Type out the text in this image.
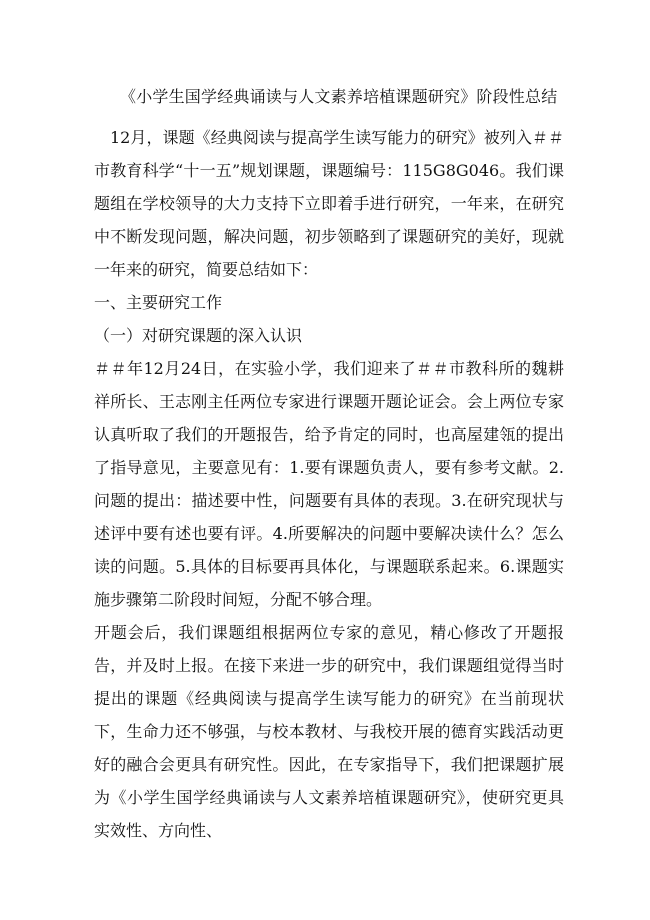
《小学生国学经典诵读与人文素养培植课题研究》阶段性总结

12月，课题《经典阅读与提高学生读写能力的研究》被列入＃＃市教育科学“十一五”规划课题，课题编号：115G8G046。我们课题组在学校领导的大力支持下立即着手进行研究，一年来，在研究中不断发现问题，解决问题，初步领略到了课题研究的美好，现就一年来的研究，简要总结如下：

一、主要研究工作

（一）对研究课题的深入认识

＃＃年12月24日，在实验小学，我们迎来了＃＃市教科所的魏耕祥所长、王志刚主任两位专家进行课题开题论证会。会上两位专家认真听取了我们的开题报告，给予肯定的同时，也高屋建瓴的提出了指导意见，主要意见有：1.要有课题负责人，要有参考文献。2.问题的提出：描述要中性，问题要有具体的表现。3.在研究现状与述评中要有述也要有评。4.所要解决的问题中要解决读什么？怎么读的问题。5.具体的目标要再具体化，与课题联系起来。6.课题实施步骤第二阶段时间短，分配不够合理。

开题会后，我们课题组根据两位专家的意见，精心修改了开题报告，并及时上报。在接下来进一步的研究中，我们课题组觉得当时提出的课题《经典阅读与提高学生读写能力的研究》在当前现状下，生命力还不够强，与校本教材、与我校开展的德育实践活动更好的融合会更具有研究性。因此，在专家指导下，我们把课题扩展为《小学生国学经典诵读与人文素养培植课题研究》，使研究更具实效性、方向性、
